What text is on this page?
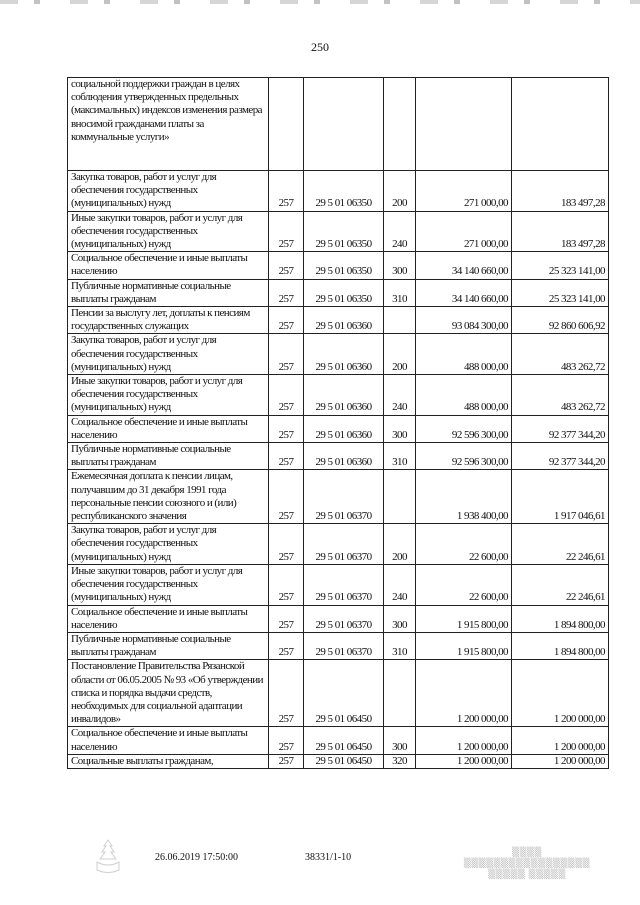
250
социальной поддержки граждан в целях соблюдения утвержденных предельных (максимальных) индексов изменения размера вносимой гражданами платы за коммунальные услуги»					
Закупка товаров, работ и услуг для обеспечения государственных (муниципальных) нужд	257	29 5 01 06350	200	271 000,00	183 497,28
Иные закупки товаров, работ и услуг для обеспечения государственных (муниципальных) нужд	257	29 5 01 06350	240	271 000,00	183 497,28
Социальное обеспечение и иные выплаты населению	257	29 5 01 06350	300	34 140 660,00	25 323 141,00
Публичные нормативные социальные выплаты гражданам	257	29 5 01 06350	310	34 140 660,00	25 323 141,00
Пенсии за выслугу лет, доплаты к пенсиям государственных служащих	257	29 5 01 06360		93 084 300,00	92 860 606,92
Закупка товаров, работ и услуг для обеспечения государственных (муниципальных) нужд	257	29 5 01 06360	200	488 000,00	483 262,72
Иные закупки товаров, работ и услуг для обеспечения государственных (муниципальных) нужд	257	29 5 01 06360	240	488 000,00	483 262,72
Социальное обеспечение и иные выплаты населению	257	29 5 01 06360	300	92 596 300,00	92 377 344,20
Публичные нормативные социальные выплаты гражданам	257	29 5 01 06360	310	92 596 300,00	92 377 344,20
Ежемесячная доплата к пенсии лицам, получавшим до 31 декабря 1991 года персональные пенсии союзного и (или) республиканского значения	257	29 5 01 06370		1 938 400,00	1 917 046,61
Закупка товаров, работ и услуг для обеспечения государственных (муниципальных) нужд	257	29 5 01 06370	200	22 600,00	22 246,61
Иные закупки товаров, работ и услуг для обеспечения государственных (муниципальных) нужд	257	29 5 01 06370	240	22 600,00	22 246,61
Социальное обеспечение и иные выплаты населению	257	29 5 01 06370	300	1 915 800,00	1 894 800,00
Публичные нормативные социальные выплаты гражданам	257	29 5 01 06370	310	1 915 800,00	1 894 800,00
Постановление Правительства Рязанской области от 06.05.2005 № 93 «Об утверждении списка и порядка выдачи средств, необходимых для социальной адаптации инвалидов»	257	29 5 01 06450		1 200 000,00	1 200 000,00
Социальное обеспечение и иные выплаты населению	257	29 5 01 06450	300	1 200 000,00	1 200 000,00
Социальные выплаты гражданам,	257	29 5 01 06450	320	1 200 000,00	1 200 000,00
26.06.2019 17:50:00	38331/1-10	▒▒▒▒ ▒▒▒▒▒▒▒▒▒▒▒▒▒▒▒▒▒
▒▒▒▒▒ ▒▒▒▒▒
